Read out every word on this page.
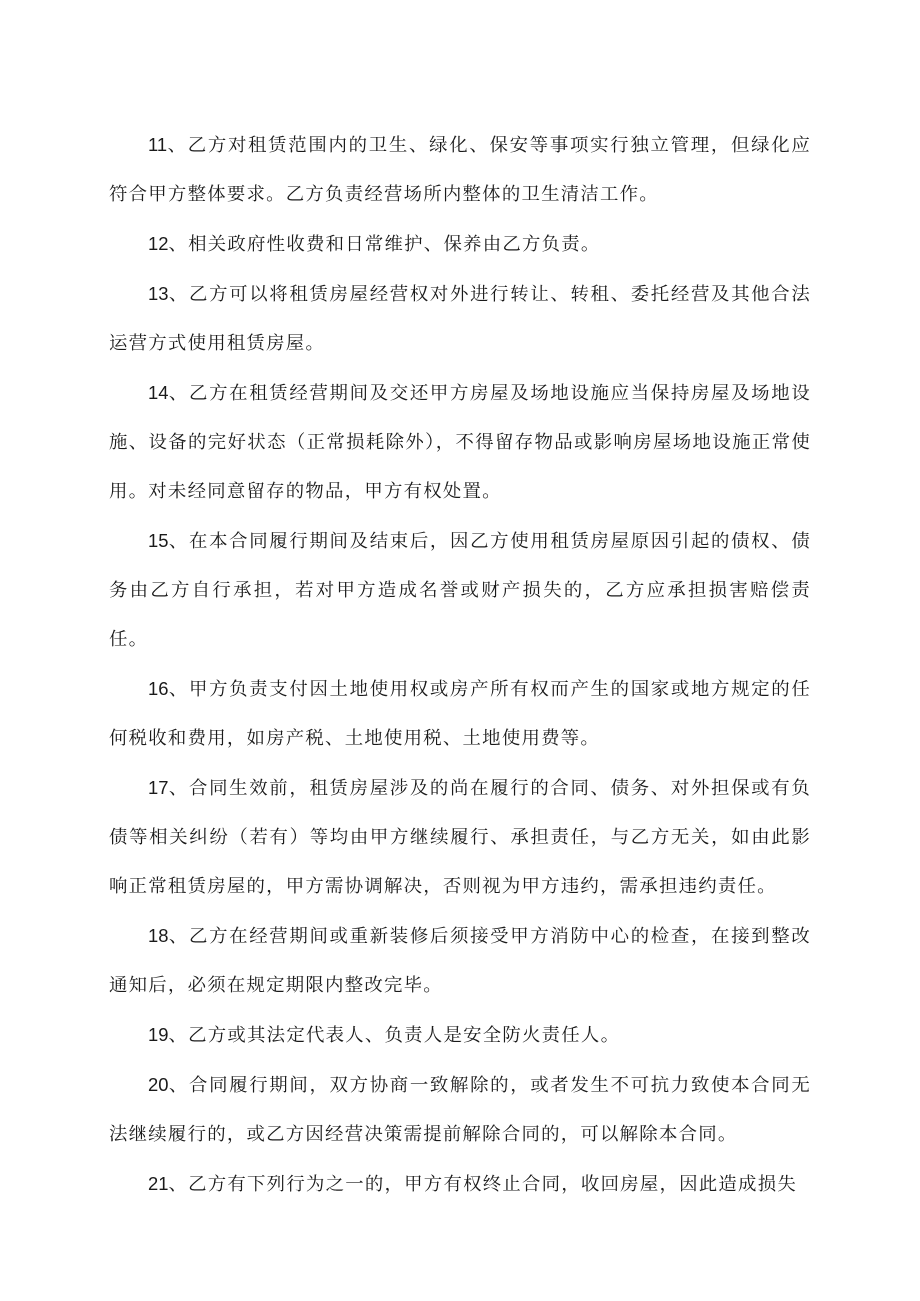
11、乙方对租赁范围内的卫生、绿化、保安等事项实行独立管理，但绿化应符合甲方整体要求。乙方负责经营场所内整体的卫生清洁工作。

12、相关政府性收费和日常维护、保养由乙方负责。

13、乙方可以将租赁房屋经营权对外进行转让、转租、委托经营及其他合法运营方式使用租赁房屋。

14、乙方在租赁经营期间及交还甲方房屋及场地设施应当保持房屋及场地设施、设备的完好状态（正常损耗除外），不得留存物品或影响房屋场地设施正常使用。对未经同意留存的物品，甲方有权处置。

15、在本合同履行期间及结束后，因乙方使用租赁房屋原因引起的债权、债务由乙方自行承担，若对甲方造成名誉或财产损失的，乙方应承担损害赔偿责任。

16、甲方负责支付因土地使用权或房产所有权而产生的国家或地方规定的任何税收和费用，如房产税、土地使用税、土地使用费等。

17、合同生效前，租赁房屋涉及的尚在履行的合同、债务、对外担保或有负债等相关纠纷（若有）等均由甲方继续履行、承担责任，与乙方无关，如由此影响正常租赁房屋的，甲方需协调解决，否则视为甲方违约，需承担违约责任。

18、乙方在经营期间或重新装修后须接受甲方消防中心的检查，在接到整改通知后，必须在规定期限内整改完毕。

19、乙方或其法定代表人、负责人是安全防火责任人。

20、合同履行期间，双方协商一致解除的，或者发生不可抗力致使本合同无法继续履行的，或乙方因经营决策需提前解除合同的，可以解除本合同。

21、乙方有下列行为之一的，甲方有权终止合同，收回房屋，因此造成损失
